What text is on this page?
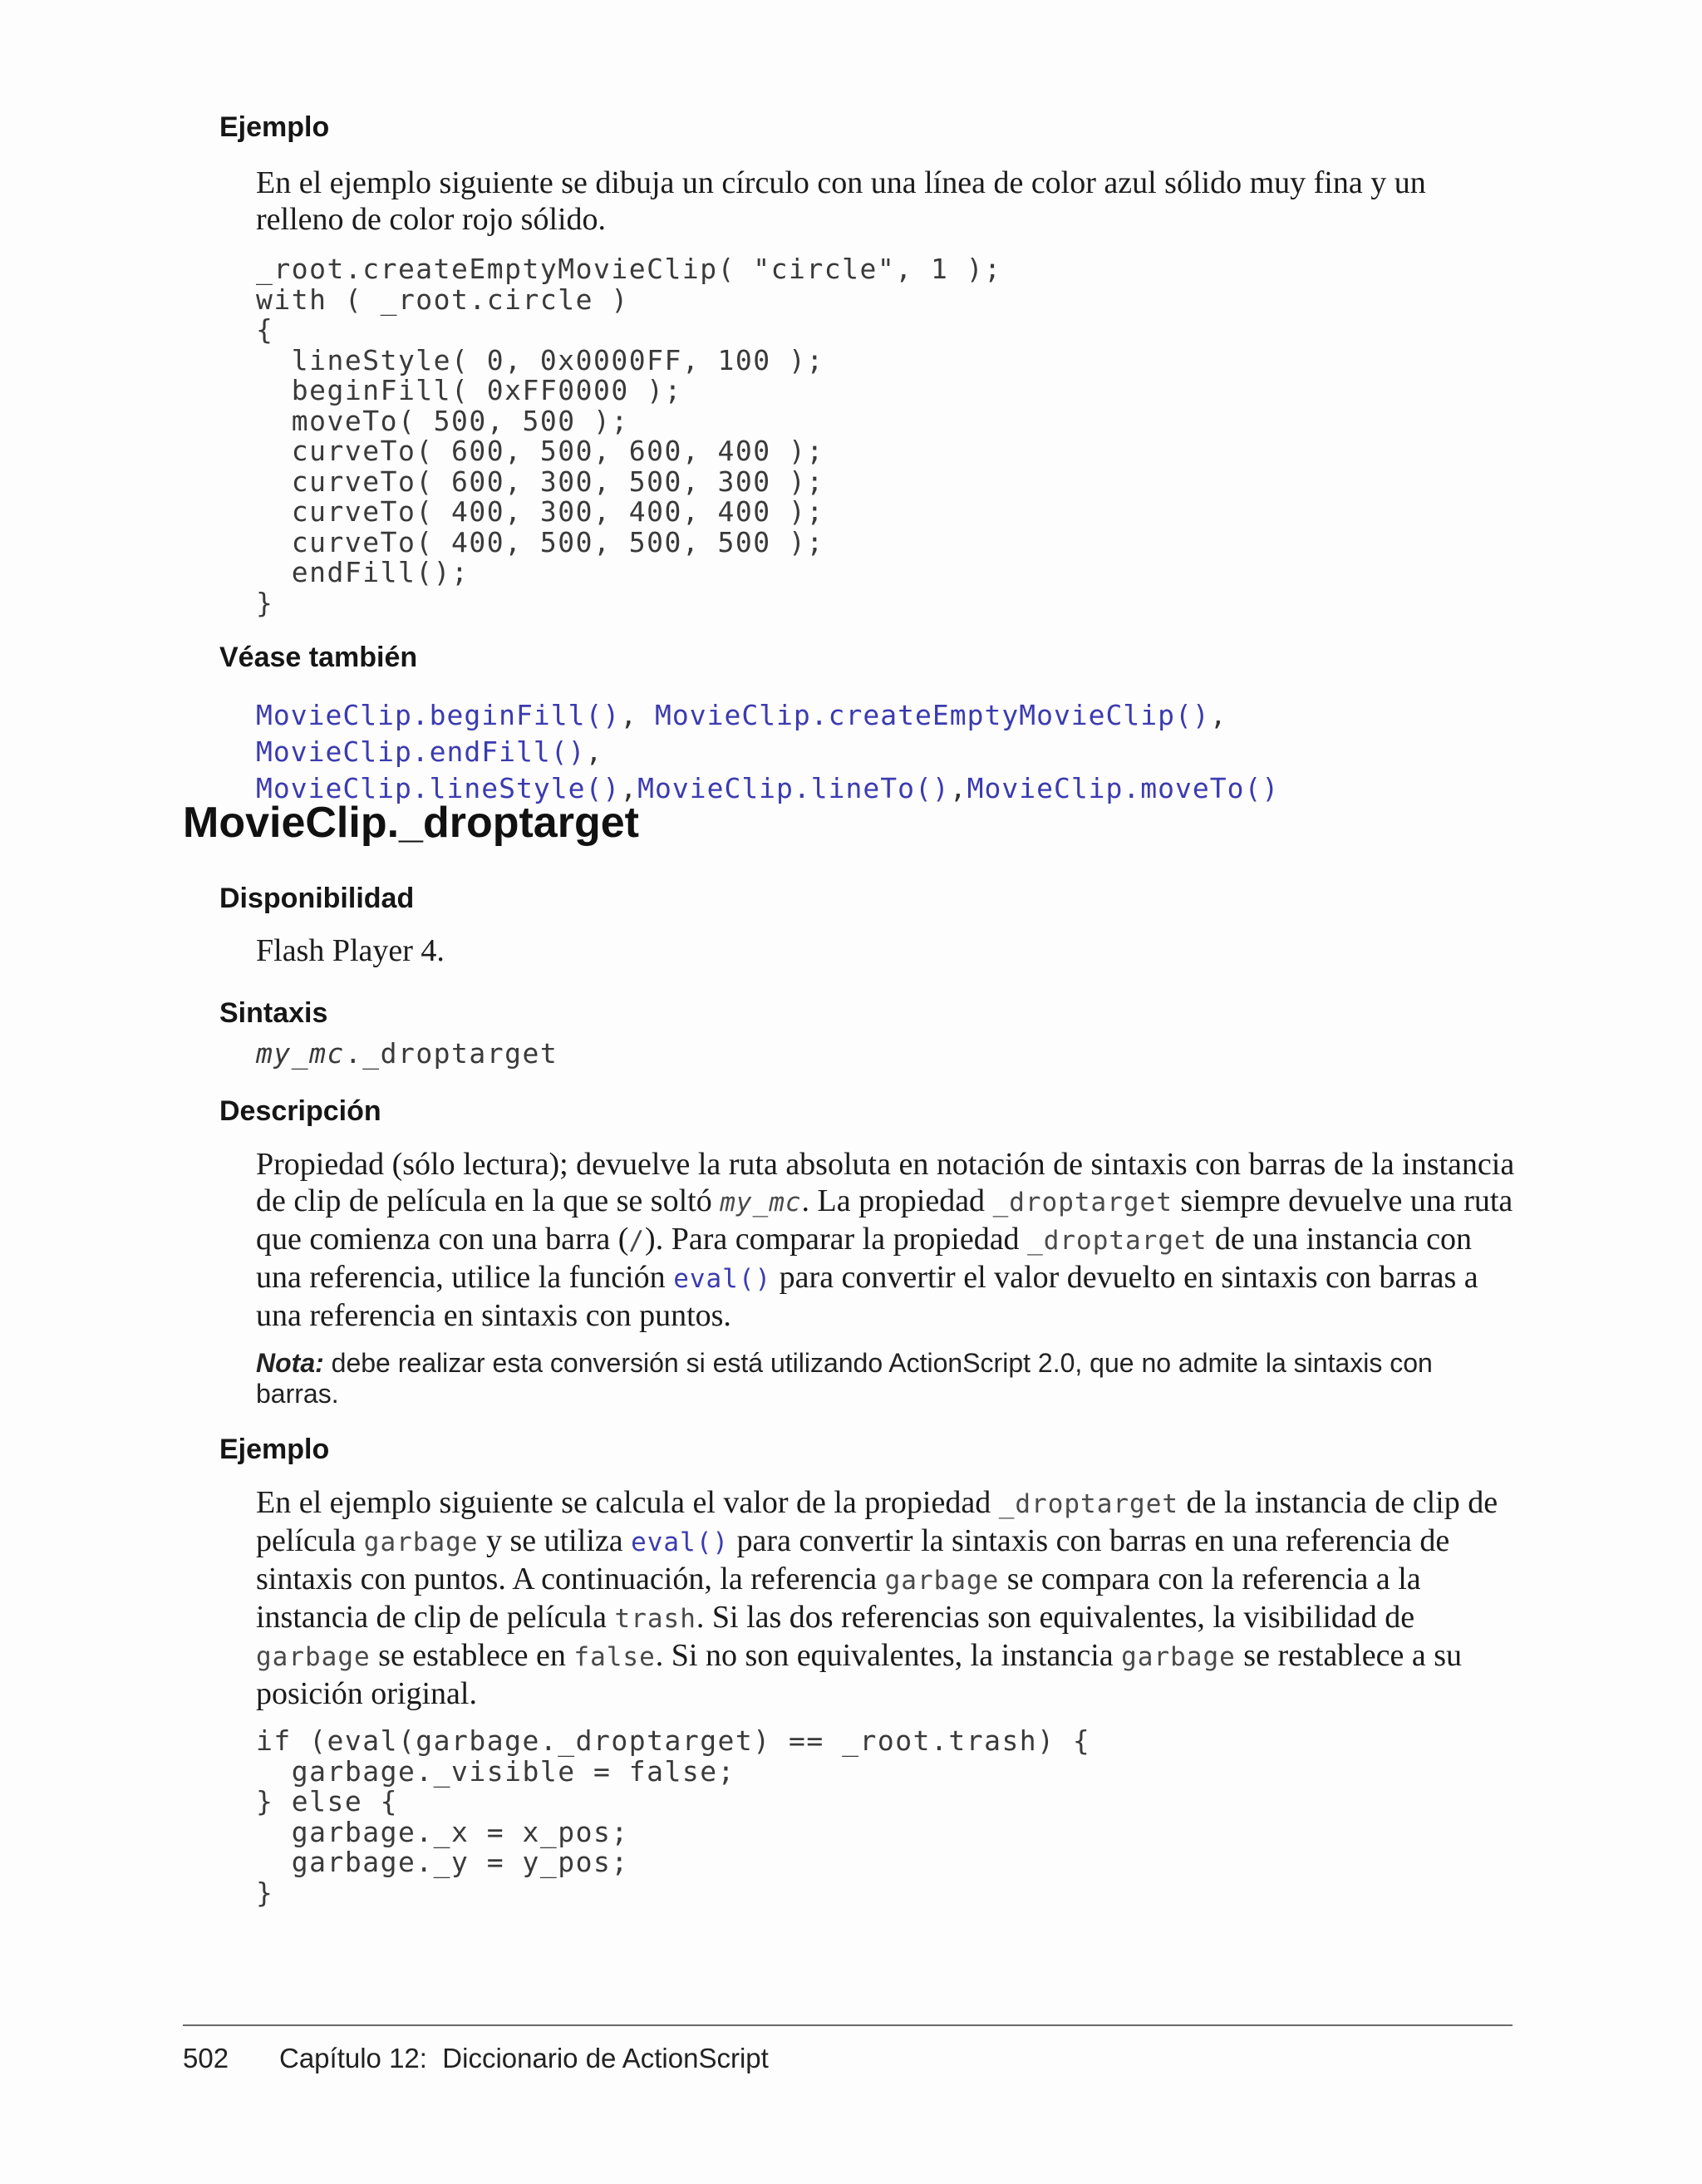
Ejemplo

En el ejemplo siguiente se dibuja un círculo con una línea de color azul sólido muy fina y un relleno de color rojo sólido.

_root.createEmptyMovieClip( "circle", 1 );
with ( _root.circle )
{
lineStyle( 0, 0x0000FF, 100 );
beginFill( 0xFF0000 );
moveTo( 500, 500 );
curveTo( 600, 500, 600, 400 );
curveTo( 600, 300, 500, 300 );
curveTo( 400, 300, 400, 400 );
curveTo( 400, 500, 500, 500 );
endFill();
}
Véase también

MovieClip.beginFill(), MovieClip.createEmptyMovieClip(), MovieClip.endFill(),
MovieClip.lineStyle(),MovieClip.lineTo(),MovieClip.moveTo()

MovieClip._droptarget
Disponibilidad

Flash Player 4.

Sintaxis

my_mc._droptarget

Descripción

Propiedad (sólo lectura); devuelve la ruta absoluta en notación de sintaxis con barras de la instancia de clip de película en la que se soltó my_mc. La propiedad _droptarget siempre devuelve una ruta que comienza con una barra (/). Para comparar la propiedad _droptarget de una instancia con una referencia, utilice la función eval() para convertir el valor devuelto en sintaxis con barras a una referencia en sintaxis con puntos.

Nota: debe realizar esta conversión si está utilizando ActionScript 2.0, que no admite la sintaxis con barras.

Ejemplo

En el ejemplo siguiente se calcula el valor de la propiedad _droptarget de la instancia de clip de película garbage y se utiliza eval() para convertir la sintaxis con barras en una referencia de sintaxis con puntos. A continuación, la referencia garbage se compara con la referencia a la instancia de clip de película trash. Si las dos referencias son equivalentes, la visibilidad de garbage se establece en false. Si no son equivalentes, la instancia garbage se restablece a su posición original.

if (eval(garbage._droptarget) == _root.trash) {
garbage._visible = false;
} else {
garbage._x = x_pos;
garbage._y = y_pos;
}
502 Capítulo 12:  Diccionario de ActionScript
